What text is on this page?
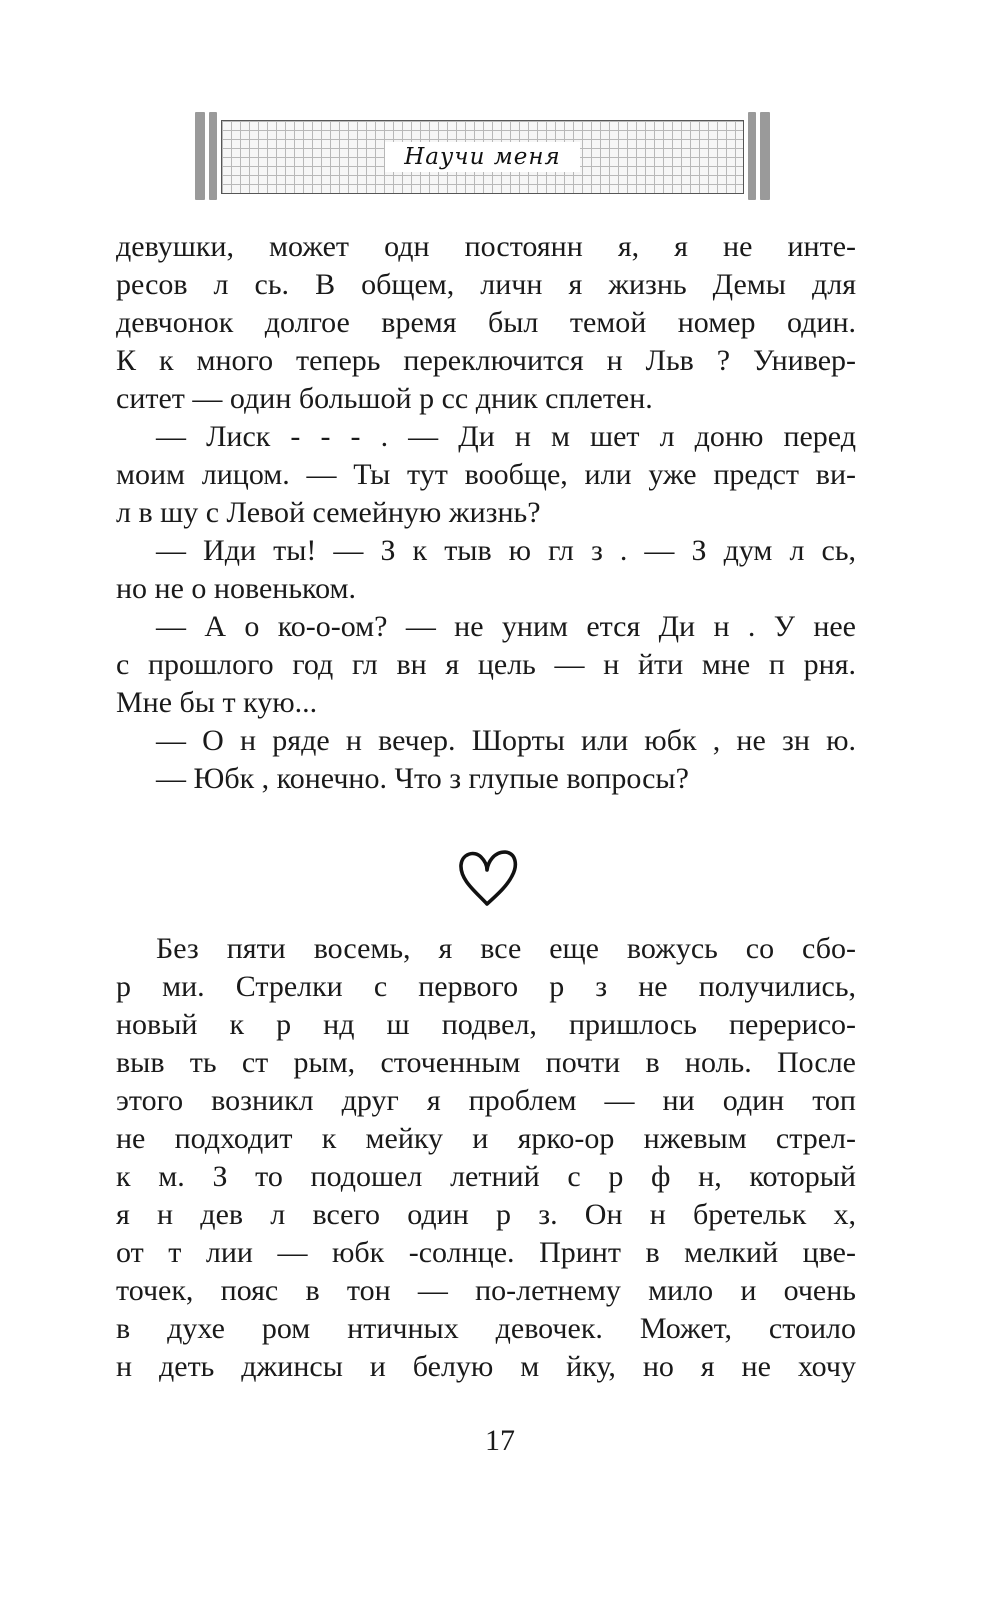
Научи меня
девушки, может одн постоянн я, я не инте-
ресов л сь. В общем, личн я жизнь Демы для
девчонок долгое время был темой номер один.
К к много теперь переключится н Льв ? Универ-
ситет — один большой р сс дник сплетен.
— Лиск - - - . — Ди н м шет л доню перед
моим лицом. — Ты тут вообще, или уже предст ви-
л в шу с Левой семейную жизнь?
— Иди ты! — З к тыв ю гл з . — З дум л сь,
но не о новеньком.
— А о ко-о-ом? — не уним ется Ди н . У нее
с прошлого год гл вн я цель — н йти мне п рня.
Мне бы т кую...
— О н ряде н вечер. Шорты или юбк , не зн ю.
— Юбк , конечно. Что з глупые вопросы?
Без пяти восемь, я все еще вожусь со сбо-
р ми. Стрелки с первого р з не получились,
новый к р нд ш подвел, пришлось перерисо-
выв ть ст рым, сточенным почти в ноль. После
этого возникл друг я проблем — ни один топ
не подходит к мейку и ярко-ор нжевым стрел-
к м. З то подошел летний с р ф н, который
я н дев л всего один р з. Он н бретельк х,
от т лии — юбк -солнце. Принт в мелкий цве-
точек, пояс в тон — по-летнему мило и очень
в духе ром нтичных девочек. Может, стоило
н деть джинсы и белую м йку, но я не хочу
17
